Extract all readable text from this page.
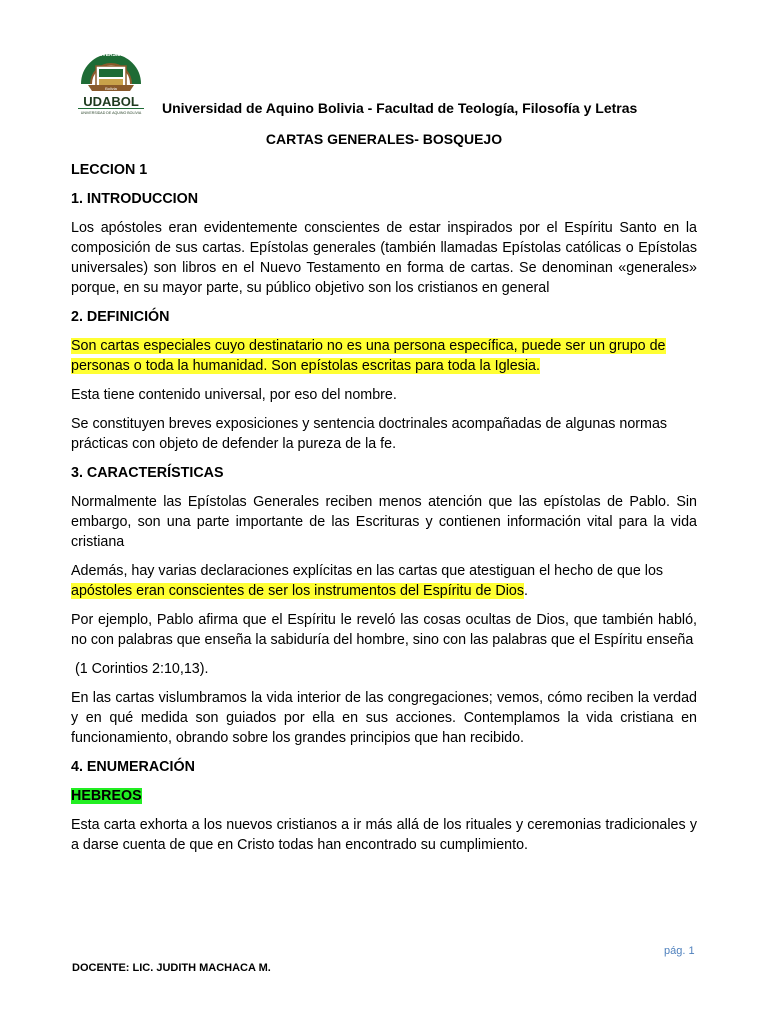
Bolivia
UNIVERSIDAD
UDABOL
UNIVERSIDAD DE AQUINO BOLIVIA Universidad de Aquino Bolivia - Facultad de Teología, Filosofía y Letras
CARTAS GENERALES- BOSQUEJO
LECCION 1
1. INTRODUCCION

Los apóstoles eran evidentemente conscientes de estar inspirados por el Espíritu Santo en la composición de sus cartas. Epístolas generales (también llamadas Epístolas católicas o Epístolas universales) son libros en el Nuevo Testamento en forma de cartas. Se denominan «generales» porque, en su mayor parte, su público objetivo son los cristianos en general

2. DEFINICIÓN

Son cartas especiales cuyo destinatario no es una persona específica, puede ser un grupo de personas o toda la humanidad. Son epístolas escritas para toda la Iglesia.

Esta tiene contenido universal, por eso del nombre.

Se constituyen breves exposiciones y sentencia doctrinales acompañadas de algunas normas prácticas con objeto de defender la pureza de la fe.

3. CARACTERÍSTICAS

Normalmente las Epístolas Generales reciben menos atención que las epístolas de Pablo. Sin embargo, son una parte importante de las Escrituras y contienen información vital para la vida cristiana

Además, hay varias declaraciones explícitas en las cartas que atestiguan el hecho de que los apóstoles eran conscientes de ser los instrumentos del Espíritu de Dios.

Por ejemplo, Pablo afirma que el Espíritu le reveló las cosas ocultas de Dios, que también habló, no con palabras que enseña la sabiduría del hombre, sino con las palabras que el Espíritu enseña

(1 Corintios 2:10,13).

En las cartas vislumbramos la vida interior de las congregaciones; vemos, cómo reciben la verdad y en qué medida son guiados por ella en sus acciones. Contemplamos la vida cristiana en funcionamiento, obrando sobre los grandes principios que han recibido.

4. ENUMERACIÓN
HEBREOS

Esta carta exhorta a los nuevos cristianos a ir más allá de los rituales y ceremonias tradicionales y a darse cuenta de que en Cristo todas han encontrado su cumplimiento.

pág. 1
DOCENTE: LIC. JUDITH MACHACA M.
